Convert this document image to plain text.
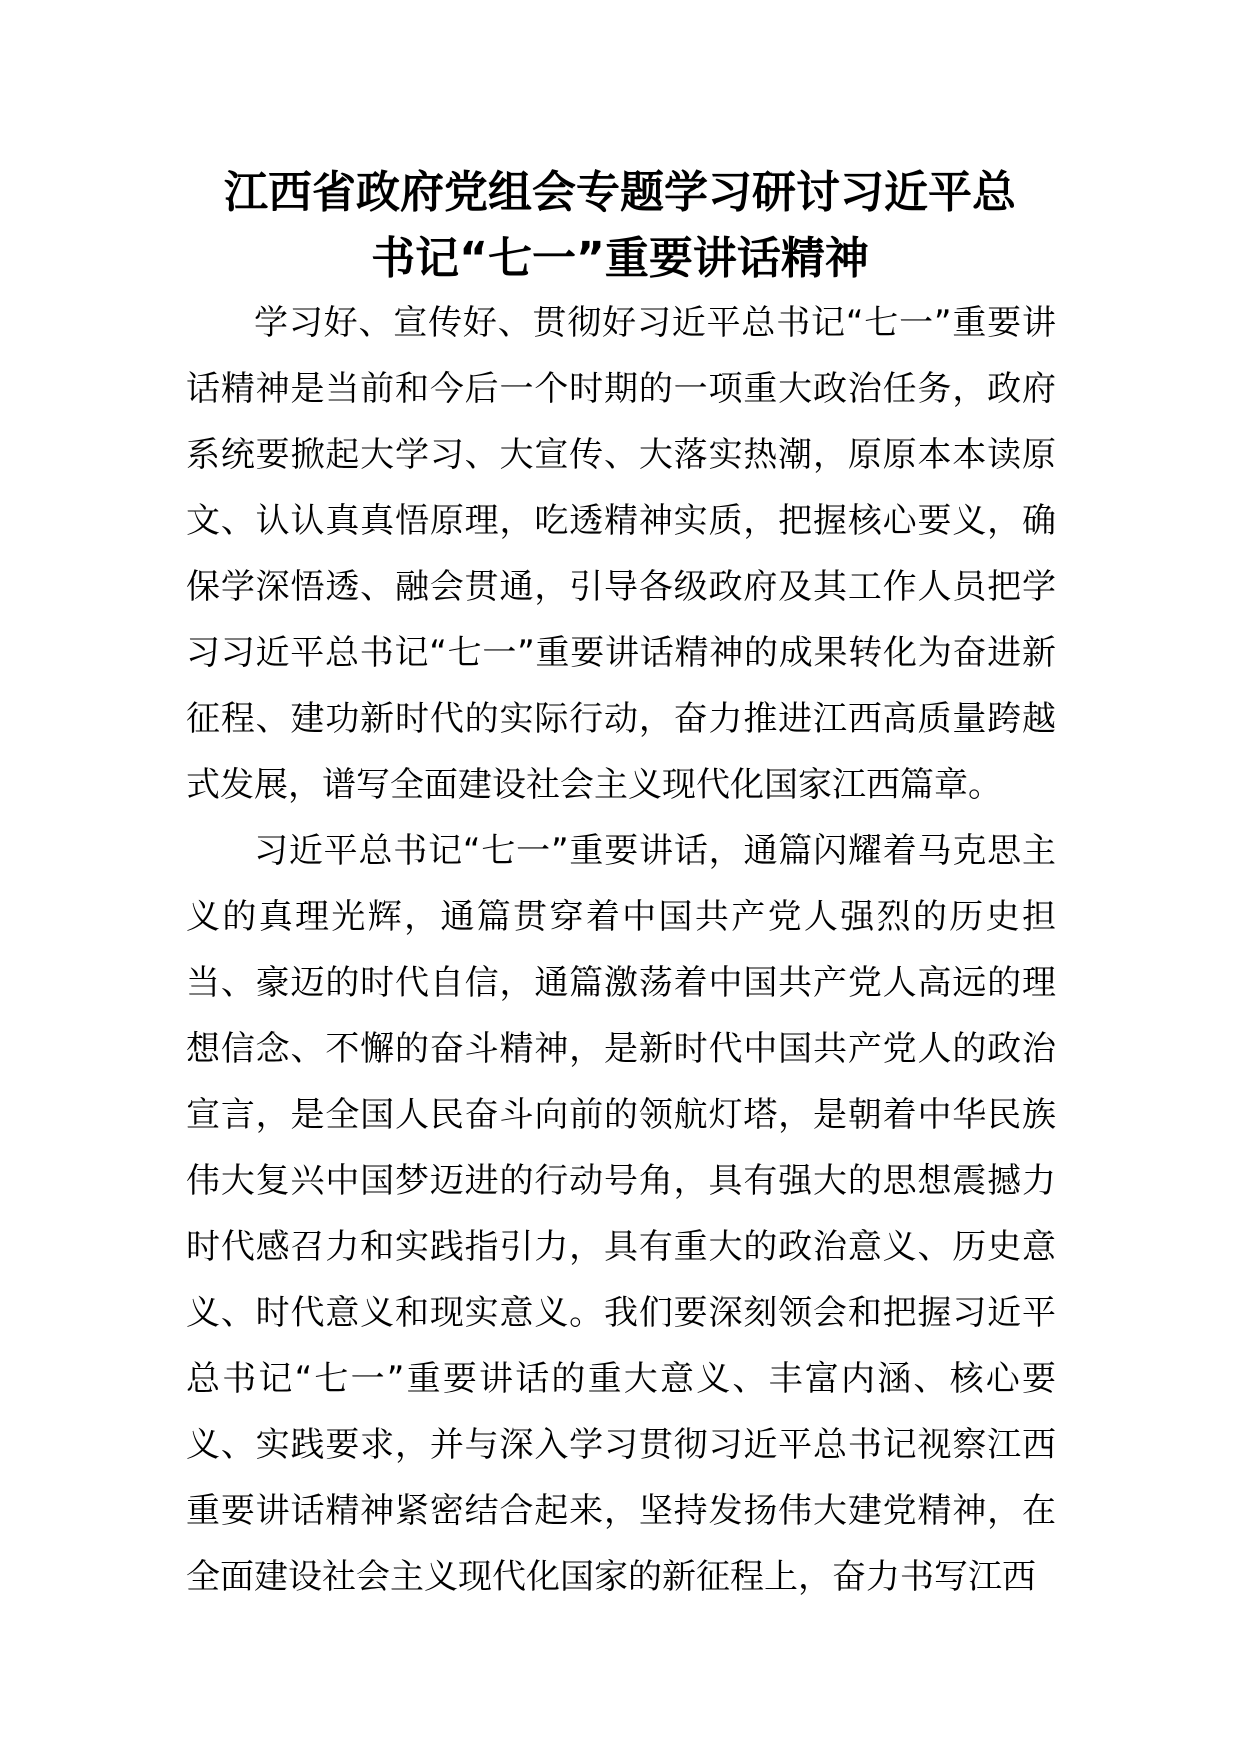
江西省政府党组会专题学习研讨习近平总
书记“七一”重要讲话精神

学习好、宣传好、贯彻好习近平总书记“七一”重要讲话精神是当前和今后一个时期的一项重大政治任务，政府系统要掀起大学习、大宣传、大落实热潮，原原本本读原文、认认真真悟原理，吃透精神实质，把握核心要义，确保学深悟透、融会贯通，引导各级政府及其工作人员把学习习近平总书记“七一”重要讲话精神的成果转化为奋进新征程、建功新时代的实际行动，奋力推进江西高质量跨越式发展，谱写全面建设社会主义现代化国家江西篇章。

习近平总书记“七一”重要讲话，通篇闪耀着马克思主义的真理光辉，通篇贯穿着中国共产党人强烈的历史担当、豪迈的时代自信，通篇激荡着中国共产党人高远的理想信念、不懈的奋斗精神，是新时代中国共产党人的政治宣言，是全国人民奋斗向前的领航灯塔，是朝着中华民族伟大复兴中国梦迈进的行动号角，具有强大的思想震撼力时代感召力和实践指引力，具有重大的政治意义、历史意义、时代意义和现实意义。我们要深刻领会和把握习近平总书记“七一”重要讲话的重大意义、丰富内涵、核心要义、实践要求，并与深入学习贯彻习近平总书记视察江西重要讲话精神紧密结合起来，坚持发扬伟大建党精神，在全面建设社会主义现代化国家的新征程上，奋力书写江西
